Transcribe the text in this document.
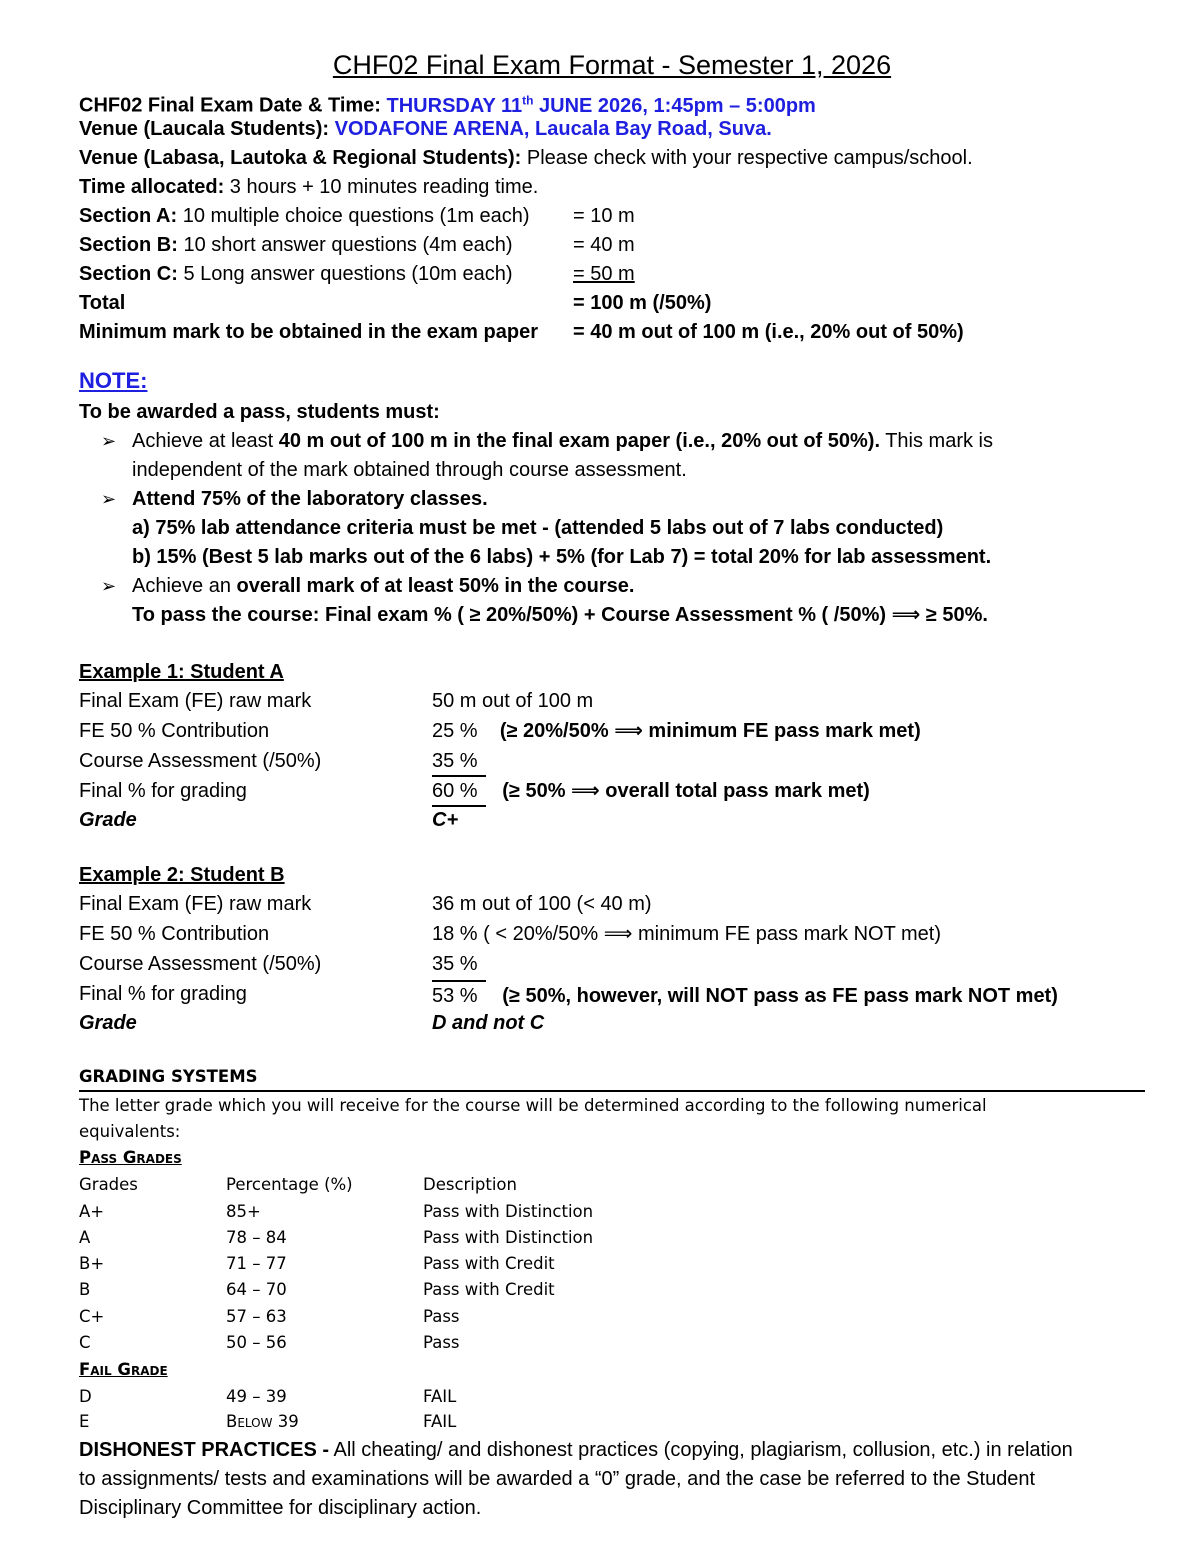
CHF02 Final Exam Format - Semester 1, 2026
CHF02 Final Exam Date & Time: THURSDAY 11th JUNE 2026, 1:45pm – 5:00pm
Venue (Laucala Students): VODAFONE ARENA, Laucala Bay Road, Suva.
Venue (Labasa, Lautoka & Regional Students): Please check with your respective campus/school.
Time allocated: 3 hours + 10 minutes reading time.
Section A: 10 multiple choice questions (1m each) = 10 m
Section B: 10 short answer questions (4m each)	= 40 m
Section C: 5 Long answer questions (10m each)	= 50 m
Total	= 100 m (/50%)
Minimum mark to be obtained in the exam paper = 40 m out of 100 m (i.e., 20% out of 50%)
NOTE:
To be awarded a pass, students must:
➢ Achieve at least 40 m out of 100 m in the final exam paper (i.e., 20% out of 50%). This mark is
independent of the mark obtained through course assessment.
➢ Attend 75% of the laboratory classes.
a) 75% lab attendance criteria must be met - (attended 5 labs out of 7 labs conducted)
b) 15% (Best 5 lab marks out of the 6 labs) + 5% (for Lab 7) = total 20% for lab assessment.
➢ Achieve an overall mark of at least 50% in the course.
To pass the course: Final exam % ( ≥ 20%/50%) + Course Assessment % ( /50%) ⟹ ≥ 50%.
Example 1: Student A
Final Exam (FE) raw mark	50 m out of 100 m
FE 50 % Contribution	25 % (≥ 20%/50% ⟹ minimum FE pass mark met)
Course Assessment (/50%)	35 %
Final % for grading	60 % (≥ 50% ⟹ overall total pass mark met)
Grade	C+
Example 2: Student B
Final Exam (FE) raw mark	36 m out of 100 (< 40 m)
FE 50 % Contribution	18 % ( < 20%/50% ⟹ minimum FE pass mark NOT met)
Course Assessment (/50%)	35 %
Final % for grading	53 % (≥ 50%, however, will NOT pass as FE pass mark NOT met)
Grade	D and not C
GRADING SYSTEMS
The letter grade which you will receive for the course will be determined according to the following numerical
equivalents:
Pass Grades
Grades	Percentage (%)	Description
A+	85+	Pass with Distinction
A	78 – 84	Pass with Distinction
B+	71 – 77	Pass with Credit
B	64 – 70	Pass with Credit
C+	57 – 63	Pass
C	50 – 56	Pass
Fail Grade
D	49 – 39	FAIL
E	Below 39	FAIL
DISHONEST PRACTICES - All cheating/ and dishonest practices (copying, plagiarism, collusion, etc.) in relation
to assignments/ tests and examinations will be awarded a “0” grade, and the case be referred to the Student
Disciplinary Committee for disciplinary action.
